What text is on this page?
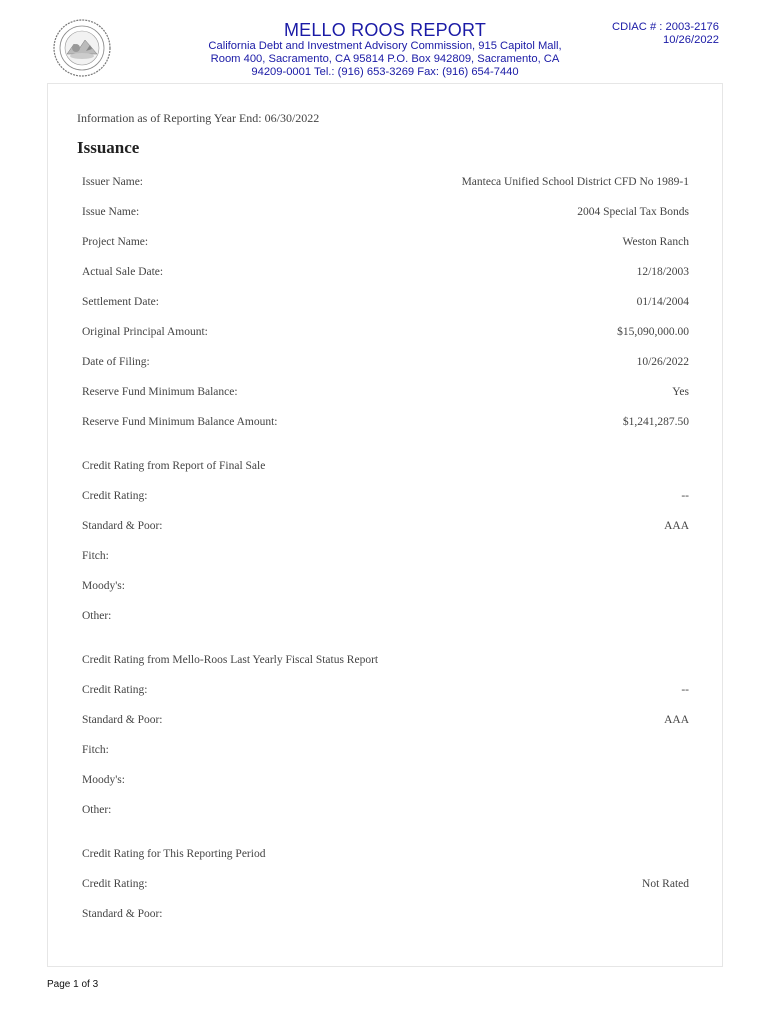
MELLO ROOS REPORT
California Debt and Investment Advisory Commission, 915 Capitol Mall,
Room 400, Sacramento, CA 95814 P.O. Box 942809, Sacramento, CA
94209-0001 Tel.: (916) 653-3269 Fax: (916) 654-7440
CDIAC # : 2003-2176
10/26/2022
Information as of Reporting Year End: 06/30/2022
Issuance
Issuer Name:	Manteca Unified School District CFD No 1989-1
Issue Name:	2004 Special Tax Bonds
Project Name:	Weston Ranch
Actual Sale Date:	12/18/2003
Settlement Date:	01/14/2004
Original Principal Amount:	$15,090,000.00
Date of Filing:	10/26/2022
Reserve Fund Minimum Balance:	Yes
Reserve Fund Minimum Balance Amount:	$1,241,287.50
Credit Rating from Report of Final Sale
Credit Rating:	--
Standard & Poor:	AAA
Fitch:
Moody's:
Other:
Credit Rating from Mello-Roos Last Yearly Fiscal Status Report
Credit Rating:	--
Standard & Poor:	AAA
Fitch:
Moody's:
Other:
Credit Rating for This Reporting Period
Credit Rating:	Not Rated
Standard & Poor:
Page 1 of 3
